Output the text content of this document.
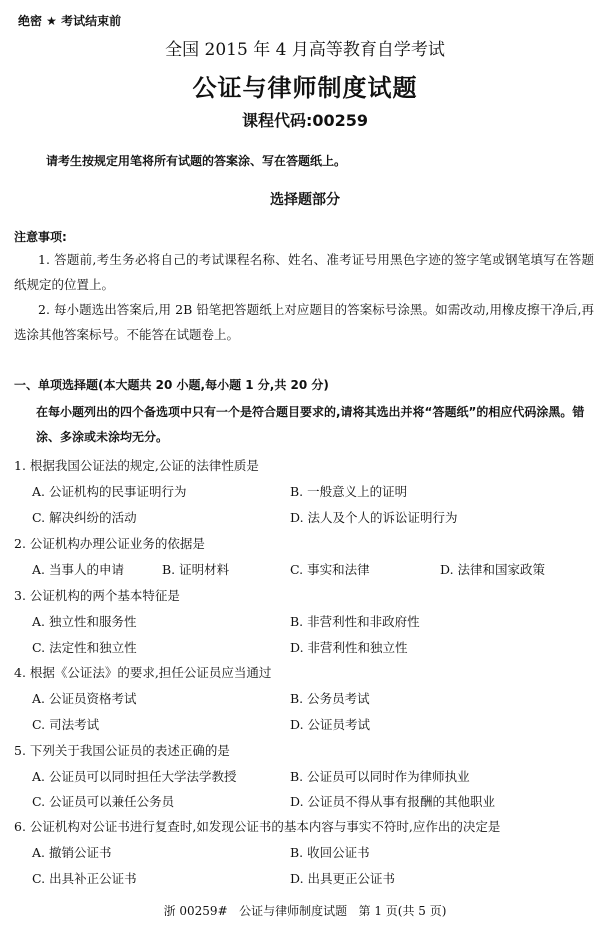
绝密 ★ 考试结束前
全国 2015 年 4 月高等教育自学考试
公证与律师制度试题
课程代码:00259
请考生按规定用笔将所有试题的答案涂、写在答题纸上。
选择题部分
注意事项:
1. 答题前,考生务必将自己的考试课程名称、姓名、准考证号用黑色字迹的签字笔或钢笔填写在答题纸规定的位置上。
2. 每小题选出答案后,用 2B 铅笔把答题纸上对应题目的答案标号涂黑。如需改动,用橡皮擦干净后,再选涂其他答案标号。不能答在试题卷上。
一、单项选择题(本大题共 20 小题,每小题 1 分,共 20 分)
在每小题列出的四个备选项中只有一个是符合题目要求的,请将其选出并将“答题纸”的相应代码涂黑。错涂、多涂或未涂均无分。
1. 根据我国公证法的规定,公证的法律性质是
A. 公证机构的民事证明行为	B. 一般意义上的证明
C. 解决纠纷的活动	D. 法人及个人的诉讼证明行为
2. 公证机构办理公证业务的依据是
A. 当事人的申请	B. 证明材料	C. 事实和法律	D. 法律和国家政策
3. 公证机构的两个基本特征是
A. 独立性和服务性	B. 非营利性和非政府性
C. 法定性和独立性	D. 非营利性和独立性
4. 根据《公证法》的要求,担任公证员应当通过
A. 公证员资格考试	B. 公务员考试
C. 司法考试	D. 公证员考试
5. 下列关于我国公证员的表述正确的是
A. 公证员可以同时担任大学法学教授	B. 公证员可以同时作为律师执业
C. 公证员可以兼任公务员	D. 公证员不得从事有报酬的其他职业
6. 公证机构对公证书进行复查时,如发现公证书的基本内容与事实不符时,应作出的决定是
A. 撤销公证书	B. 收回公证书
C. 出具补正公证书	D. 出具更正公证书
浙 00259#   公证与律师制度试题   第 1 页(共 5 页)
